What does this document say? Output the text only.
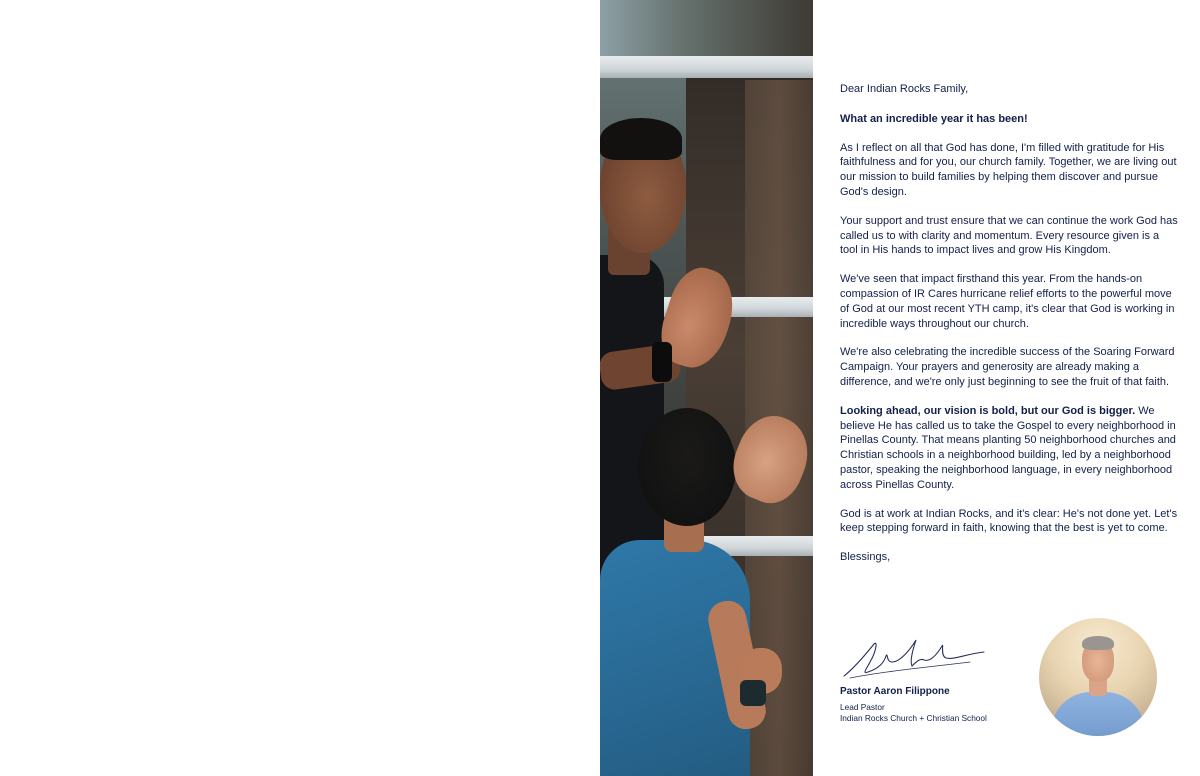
Dear Indian Rocks Family,

What an incredible year it has been!

As I reflect on all that God has done, I'm filled with gratitude for His faithfulness and for you, our church family. Together, we are living out our mission to build families by helping them discover and pursue God's design.

Your support and trust ensure that we can continue the work God has called us to with clarity and momentum. Every resource given is a tool in His hands to impact lives and grow His Kingdom.

We've seen that impact firsthand this year. From the hands-on compassion of IR Cares hurricane relief efforts to the powerful move of God at our most recent YTH camp, it's clear that God is working in incredible ways throughout our church.

We're also celebrating the incredible success of the Soaring Forward Campaign. Your prayers and generosity are already making a difference, and we're only just beginning to see the fruit of that faith.

Looking ahead, our vision is bold, but our God is bigger. We believe He has called us to take the Gospel to every neighborhood in Pinellas County. That means planting 50 neighborhood churches and Christian schools in a neighborhood building, led by a neighborhood pastor, speaking the neighborhood language, in every neighborhood across Pinellas County.

God is at work at Indian Rocks, and it's clear: He's not done yet. Let's keep stepping forward in faith, knowing that the best is yet to come.

Blessings,

Pastor Aaron Filippone
Lead Pastor
Indian Rocks Church + Christian School
